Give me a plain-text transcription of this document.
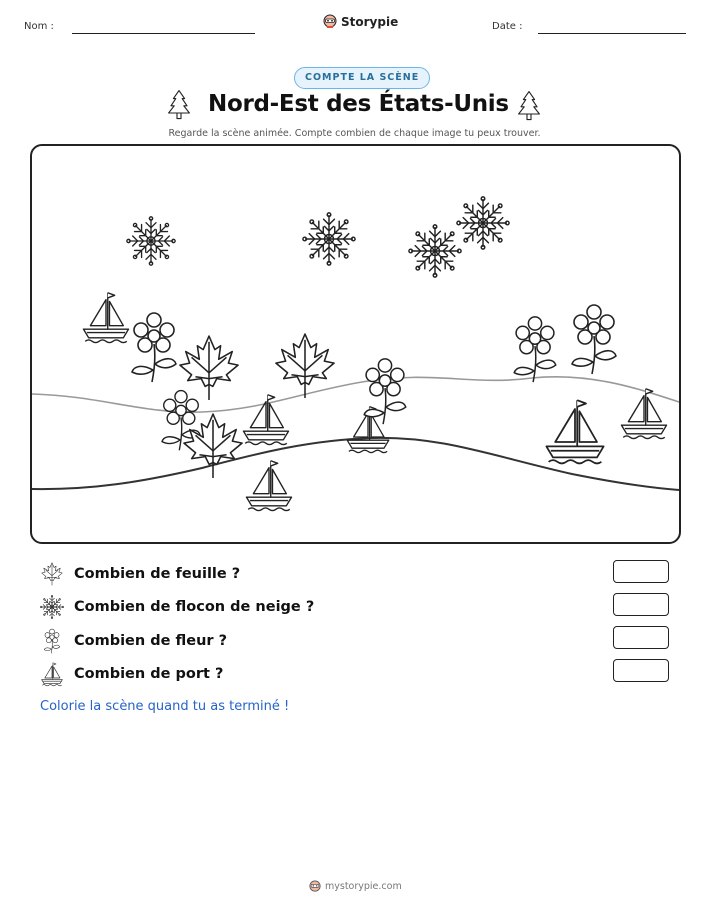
Nom :	Storypie	Date :
COMPTE LA SCÈNE
Nord-Est des États-Unis
Regarde la scène animée. Compte combien de chaque image tu peux trouver.
Combien de feuille ?
Combien de flocon de neige ?
Combien de fleur ?
Combien de port ?
Colorie la scène quand tu as terminé !
mystorypie.com
